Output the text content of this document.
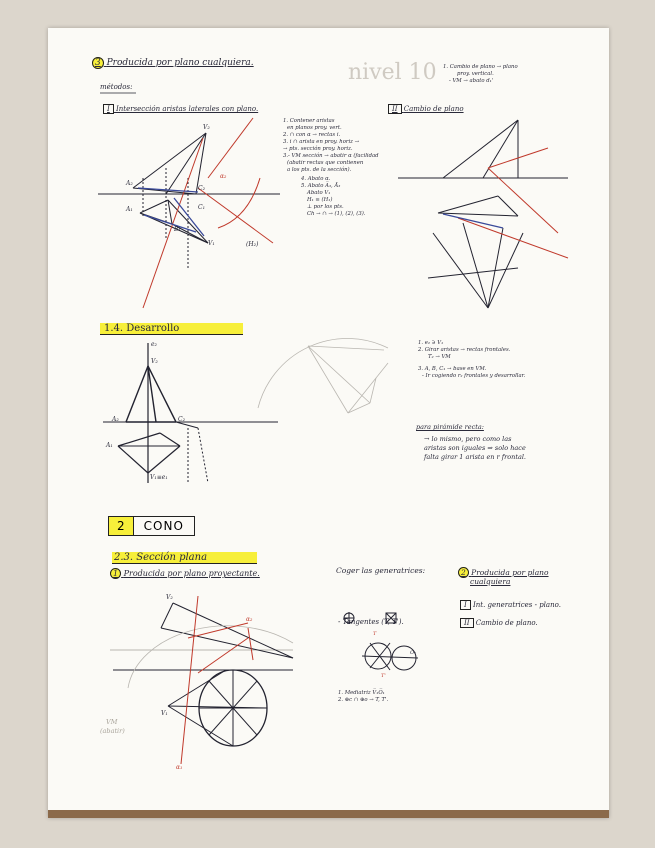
nivel 10
3 Producida por plano cualquiera.
métodos:
I Intersección aristas laterales con plano.	II Cambio de plano
1. Cambio de plano → plano
proy. vertical.
- VM → abato d₁'
1. Contener aristas
en planos proy. vert.
2. ∩ con α → rectas i.
3. i ∩ arista en proy. horiz →
→ pts. sección proy. horiz.
3.- VM sección → abatir α (facilidad
(abatir rectas que contienen
a los pts. de la sección).
4. Abato α.
5. Abato A̅₃, Ā₃
Abato V₁
H₁ ≡ (H₁)
⊥ por los pts.
Ch → ∩ → (1), (2), (3).
V₂
A₂
A₁
C₂
B₁
V₁
C₁
α₂
(H₂)
1.4. Desarrollo
e₂
V₂
A₂	C₂
A₁
V₁≡e₁
1. e₂ ∋ V₁
2. Girar aristas → rectas frontales.
T₂ → VM
3. A, B, C₁ → base en VM.
- Ir cogiendo r₂ frontales y desarrollar.
para pirámide recta:
→ lo mismo, pero como las
aristas son iguales ⇒ solo hace
falta girar 1 arista en r frontal.
2	CONO
2.3. Sección plana
1 Producida por plano proyectante.	Coger las generatrices:
- Tangentes (T, T').
T
T'
O₁
1. Mediatriz V̅₁O̅₁
2. ⊕c ∩ ⊕o → T, T'.
2 Producida por plano
cualquiera
I Int. generatrices - plano.
II Cambio de plano.
V₂
α₂
V₁
α₁
VM
(abatir)
